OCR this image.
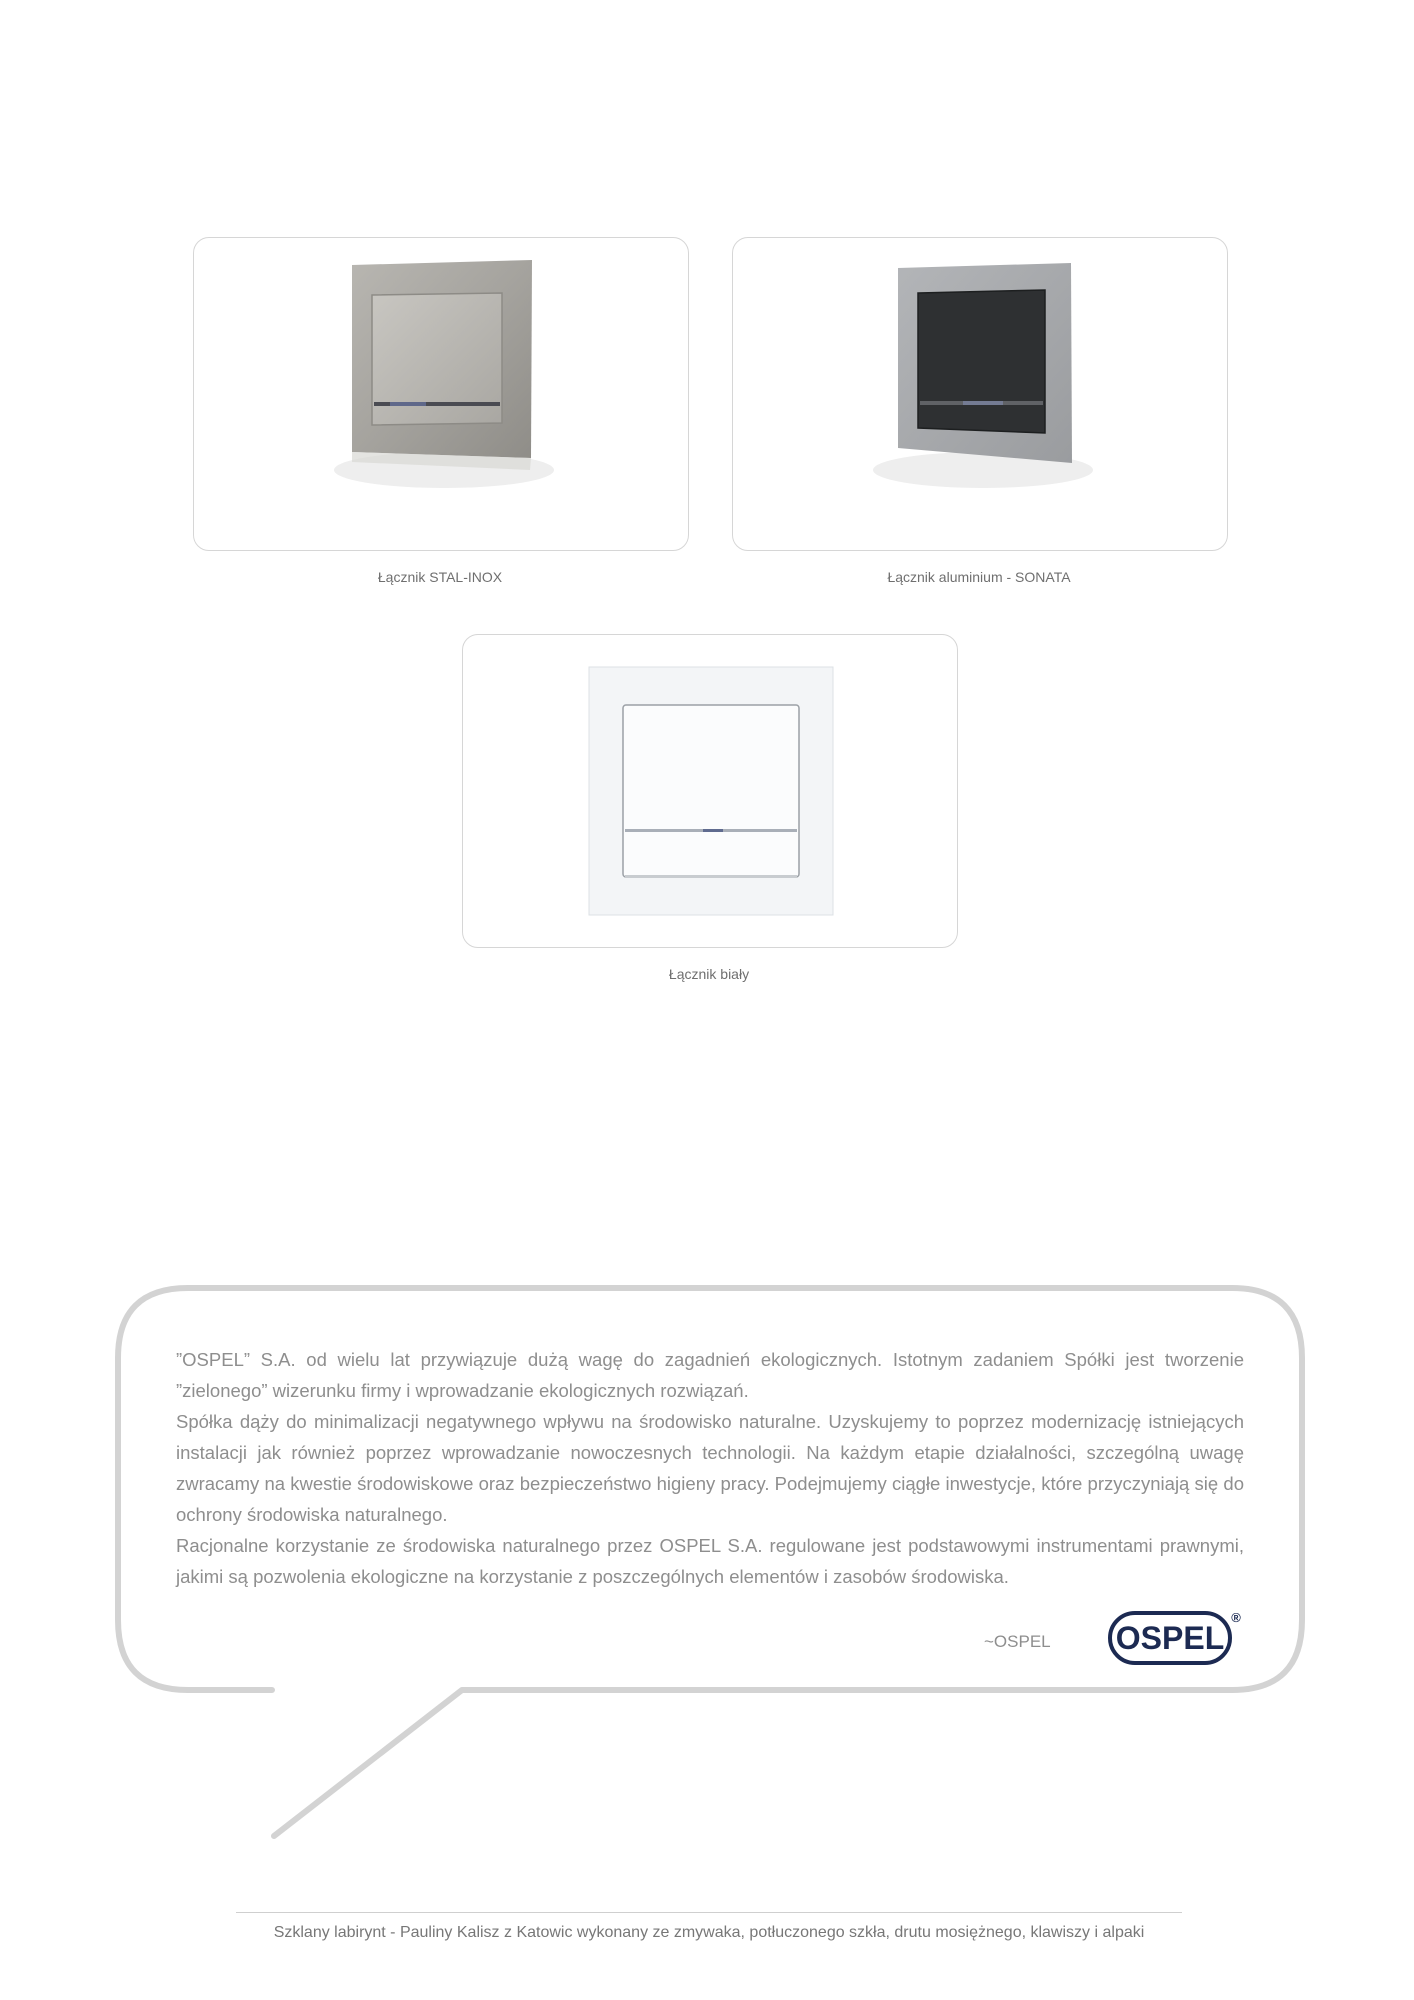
Łącznik STAL-INOX	Łącznik aluminium - SONATA
Łącznik biały

”OSPEL” S.A. od wielu lat przywiązuje dużą wagę do zagadnień ekologicznych. Istotnym zadaniem Spółki jest tworzenie ”zielonego” wizerunku firmy i wprowadzanie ekologicznych rozwiązań.

Spółka dąży do minimalizacji negatywnego wpływu na środowisko naturalne. Uzyskujemy to poprzez modernizację istniejących instalacji jak również poprzez wprowadzanie nowoczesnych technologii. Na każdym etapie działalności, szczególną uwagę zwracamy na kwestie środowiskowe oraz bezpieczeństwo higieny pracy. Podejmujemy ciągłe inwestycje, które przyczyniają się do ochrony środowiska naturalnego.

Racjonalne korzystanie ze środowiska naturalnego przez OSPEL S.A. regulowane jest podstawowymi instrumentami prawnymi, jakimi są pozwolenia ekologiczne na korzystanie z poszczególnych elementów i zasobów środowiska.

~OSPEL OSPEL
®
Szklany labirynt - Pauliny Kalisz z Katowic wykonany ze zmywaka, potłuczonego szkła, drutu mosiężnego, klawiszy i alpaki
